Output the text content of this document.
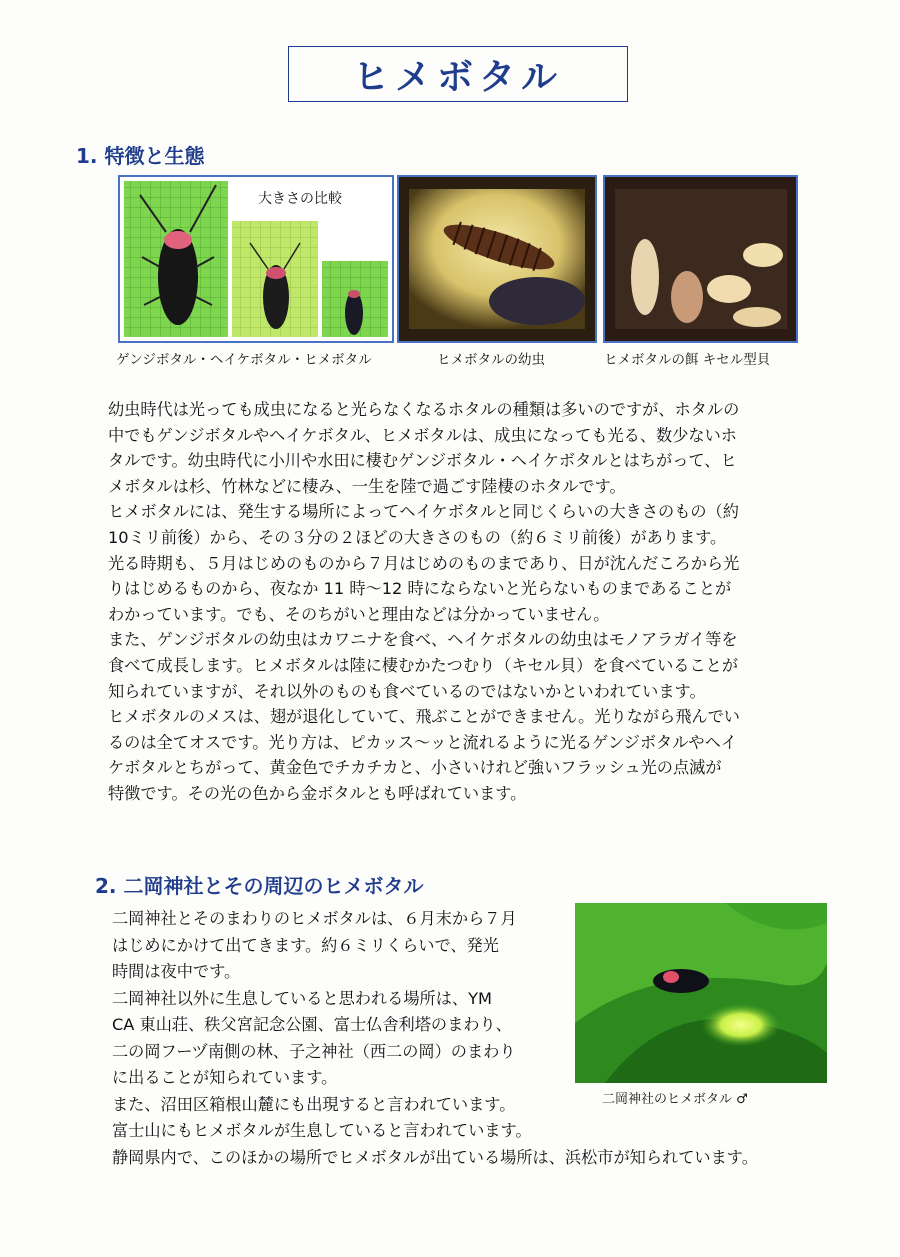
ヒメボタル
1. 特徴と生態
大きさの比較
ゲンジボタル・ヘイケボタル・ヒメボタル	ヒメボタルの幼虫	ヒメボタルの餌 キセル型貝

幼虫時代は光っても成虫になると光らなくなるホタルの種類は多いのですが、ホタルの

中でもゲンジボタルやヘイケボタル、ヒメボタルは、成虫になっても光る、数少ないホ

タルです。幼虫時代に小川や水田に棲むゲンジボタル・ヘイケボタルとはちがって、ヒ

メボタルは杉、竹林などに棲み、一生を陸で過ごす陸棲のホタルです。

ヒメボタルには、発生する場所によってヘイケボタルと同じくらいの大きさのもの（約

10ミリ前後）から、その３分の２ほどの大きさのもの（約６ミリ前後）があります。

光る時期も、５月はじめのものから７月はじめのものまであり、日が沈んだころから光

りはじめるものから、夜なか 11 時～12 時にならないと光らないものまであることが

わかっています。でも、そのちがいと理由などは分かっていません。

また、ゲンジボタルの幼虫はカワニナを食べ、ヘイケボタルの幼虫はモノアラガイ等を

食べて成長します。ヒメボタルは陸に棲むかたつむり（キセル貝）を食べていることが

知られていますが、それ以外のものも食べているのではないかといわれています。

ヒメボタルのメスは、翅が退化していて、飛ぶことができません。光りながら飛んでい

るのは全てオスです。光り方は、ピカッス～ッと流れるように光るゲンジボタルやヘイ

ケボタルとちがって、黄金色でチカチカと、小さいけれど強いフラッシュ光の点滅が

特徴です。その光の色から金ボタルとも呼ばれています。

2. 二岡神社とその周辺のヒメボタル

二岡神社とそのまわりのヒメボタルは、６月末から７月

はじめにかけて出てきます。約６ミリくらいで、発光

時間は夜中です。

二岡神社以外に生息していると思われる場所は、YM

CA 東山荘、秩父宮記念公園、富士仏舎利塔のまわり、

二の岡フーヅ南側の林、子之神社（西二の岡）のまわり

に出ることが知られています。

また、沼田区箱根山麓にも出現すると言われています。

富士山にもヒメボタルが生息していると言われています。

静岡県内で、このほかの場所でヒメボタルが出ている場所は、浜松市が知られています。

二岡神社のヒメボタル ♂
